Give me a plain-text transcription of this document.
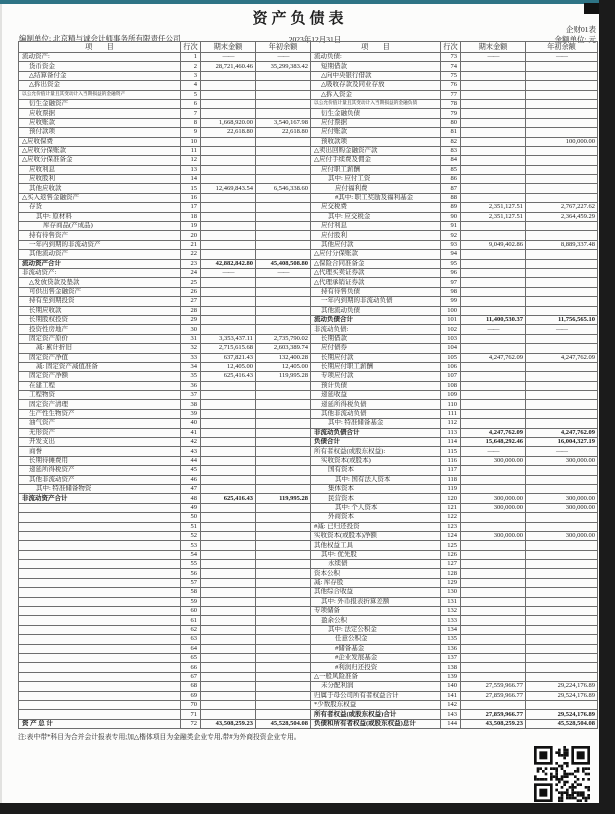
资产负债表
企财01表
编制单位: 北京精与诚会计师事务所有限责任公司	2023年12月31日	金额单位: 元
项　　目	行次	期末金额	年初余额	项　　目	行次	期末金额	年初余额
流动资产:	1	——	——	流动负债:	73	——	——
货币资金	2	28,721,460.46	35,299,383.42	短期借款	74		
△结算备付金	3			△向中央银行借款	75		
△拆出资金	4			△吸收存款及同业存放	76		
以公允价值计量且其变动计入当期损益的金融资产	5			△拆入资金	77		
衍生金融资产	6			以公允价值计量且其变动计入当期损益的金融负债	78		
应收票据	7			衍生金融负债	79		
应收账款	8	1,668,920.00	3,540,167.98	应付票据	80		
预付款项	9	22,618.80	22,618.80	应付账款	81		
△应收保费	10			预收款项	82		100,000.00
△应收分保账款	11			△卖出回购金融资产款	83		
△应收分保准备金	12			△应付手续费及佣金	84		
应收利息	13			应付职工薪酬	85		
应收股利	14			其中: 应付工资	86		
其他应收款	15	12,469,843.54	6,546,338.60	应付福利费	87		
△买入返售金融资产	16			#其中: 职工奖励及福利基金	88		
存货	17			应交税费	89	2,351,127.51	2,767,227.62
其中: 原材料	18			其中: 应交税金	90	2,351,127.51	2,364,459.29
库存商品(产成品)	19			应付利息	91		
持有待售资产	20			应付股利	92		
一年内到期的非流动资产	21			其他应付款	93	9,049,402.86	8,889,337.48
其他流动资产	22			△应付分保账款	94		
流动资产合计	23	42,882,842.80	45,408,508.80	△保险合同准备金	95		
非流动资产:	24	——	——	△代理买卖证券款	96		
△发放贷款及垫款	25			△代理承销证券款	97		
可供出售金融资产	26			持有待售负债	98		
持有至到期投资	27			一年内到期的非流动负债	99		
长期应收款	28			其他流动负债	100		
长期股权投资	29			流动负债合计	101	11,400,530.37	11,756,565.10
投资性房地产	30			非流动负债:	102	——	——
固定资产原价	31	3,353,437.11	2,735,790.02	长期借款	103		
减: 累计折旧	32	2,715,615.68	2,603,389.74	应付债券	104		
固定资产净值	33	637,821.43	132,400.28	长期应付款	105	4,247,762.09	4,247,762.09
减: 固定资产减值准备	34	12,405.00	12,405.00	长期应付职工薪酬	106		
固定资产净额	35	625,416.43	119,995.28	专项应付款	107		
在建工程	36			预计负债	108		
工程物资	37			递延收益	109		
固定资产清理	38			递延所得税负债	110		
生产性生物资产	39			其他非流动负债	111		
油气资产	40			其中: 特准储备基金	112		
无形资产	41			非流动负债合计	113	4,247,762.09	4,247,762.09
开发支出	42			负债合计	114	15,648,292.46	16,004,327.19
商誉	43			所有者权益(或股东权益):	115	——	——
长期待摊费用	44			实收资本(或股本)	116	300,000.00	300,000.00
递延所得税资产	45			国有资本	117		
其他非流动资产	46			其中: 国有法人资本	118		
其中: 特准储备物资	47			集体资本	119		
非流动资产合计	48	625,416.43	119,995.28	民营资本	120	300,000.00	300,000.00
	49			其中: 个人资本	121	300,000.00	300,000.00
	50			外商资本	122		
	51			#减: 已归还投资	123		
	52			实收资本(或股本)净额	124	300,000.00	300,000.00
	53			其他权益工具	125		
	54			其中: 优先股	126		
	55			永续债	127		
	56			资本公积	128		
	57			减: 库存股	129		
	58			其他综合收益	130		
	59			其中: 外币报表折算差额	131		
	60			专项储备	132		
	61			盈余公积	133		
	62			其中: 法定公积金	134		
	63			任意公积金	135		
	64			#储备基金	136		
	65			#企业发展基金	137		
	66			#利润归还投资	138		
	67			△一般风险准备	139		
	68			未分配利润	140	27,559,966.77	29,224,176.89
	69			归属于母公司所有者权益合计	141	27,859,966.77	29,524,176.89
	70			*少数股东权益	142		
	71			所有者权益(或股东权益)合计	143	27,859,966.77	29,524,176.89
资 产 总 计	72	43,508,259.23	45,528,504.08	负债和所有者权益(或股东权益)总计	144	43,508,259.23	45,528,504.08
注:表中带*科目为合并会计报表专用;加△楷体项目为金融类企业专用,带#为外商投资企业专用。
